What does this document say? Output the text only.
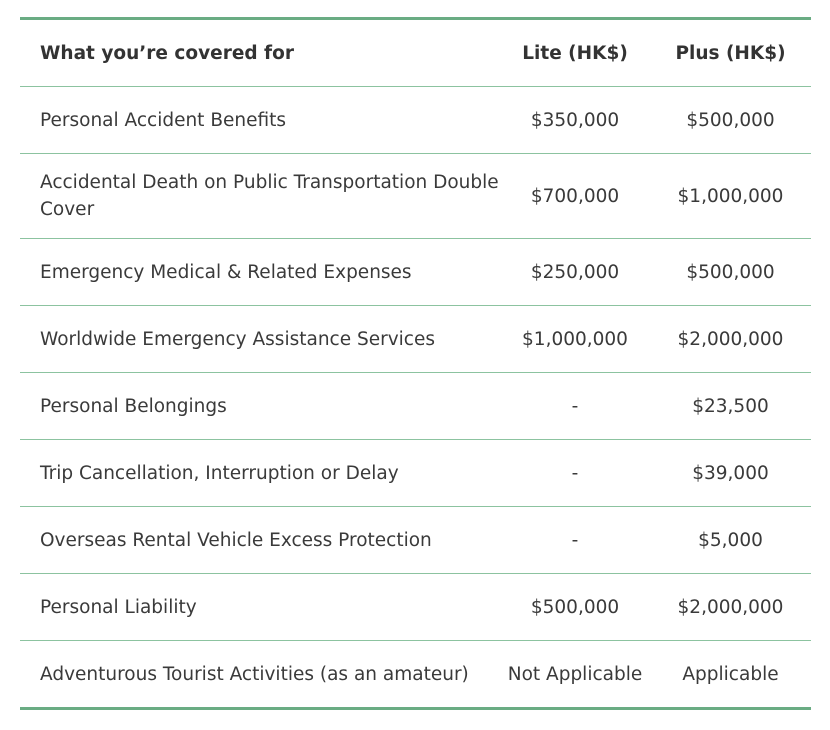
What you’re covered for	Lite (HK$)	Plus (HK$)
Personal Accident Benefits	$350,000	$500,000
Accidental Death on Public Transportation Double Cover	$700,000	$1,000,000
Emergency Medical & Related Expenses	$250,000	$500,000
Worldwide Emergency Assistance Services	$1,000,000	$2,000,000
Personal Belongings	-	$23,500
Trip Cancellation, Interruption or Delay	-	$39,000
Overseas Rental Vehicle Excess Protection	-	$5,000
Personal Liability	$500,000	$2,000,000
Adventurous Tourist Activities (as an amateur)	Not Applicable	Applicable
